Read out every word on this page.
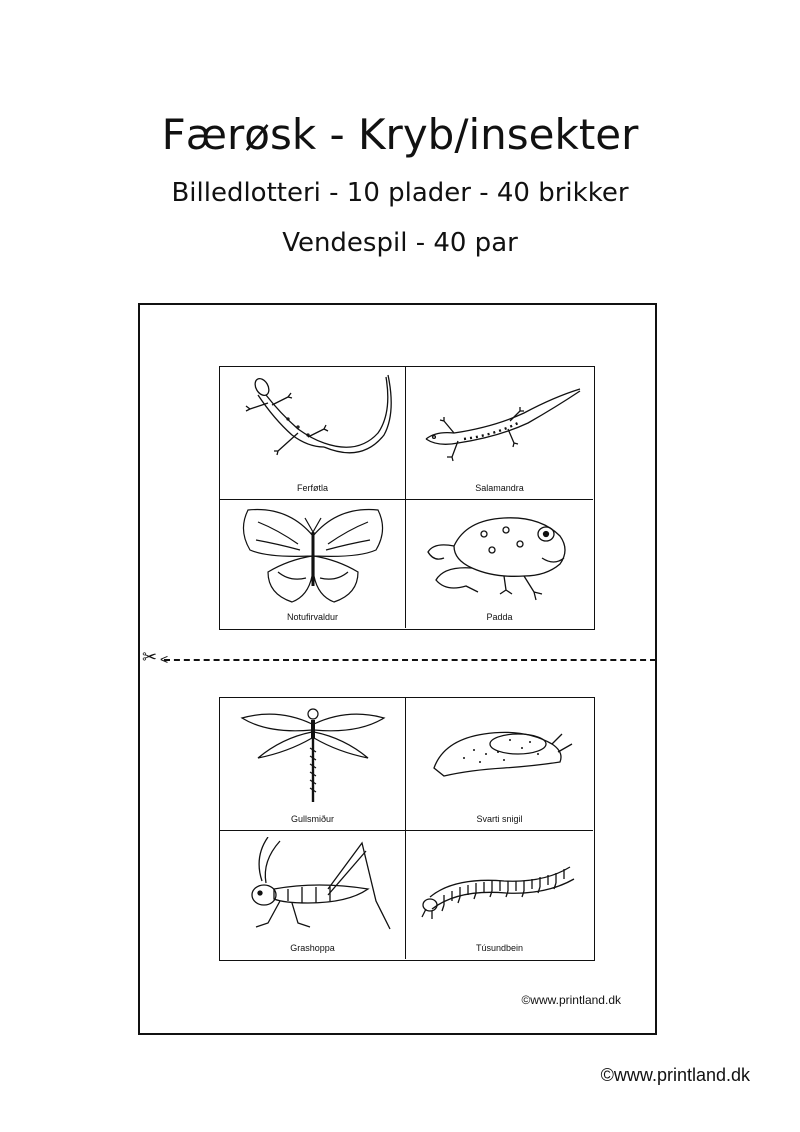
Færøsk - Kryb/insekter
Billedlotteri - 10 plader - 40 brikker
Vendespil - 40 par
Ferføtla	Salamandra
Notufirvaldur	Padda
✂ <
Gullsmiður	Svarti snigil
Grashoppa	Túsundbein
©www.printland.dk
©www.printland.dk
